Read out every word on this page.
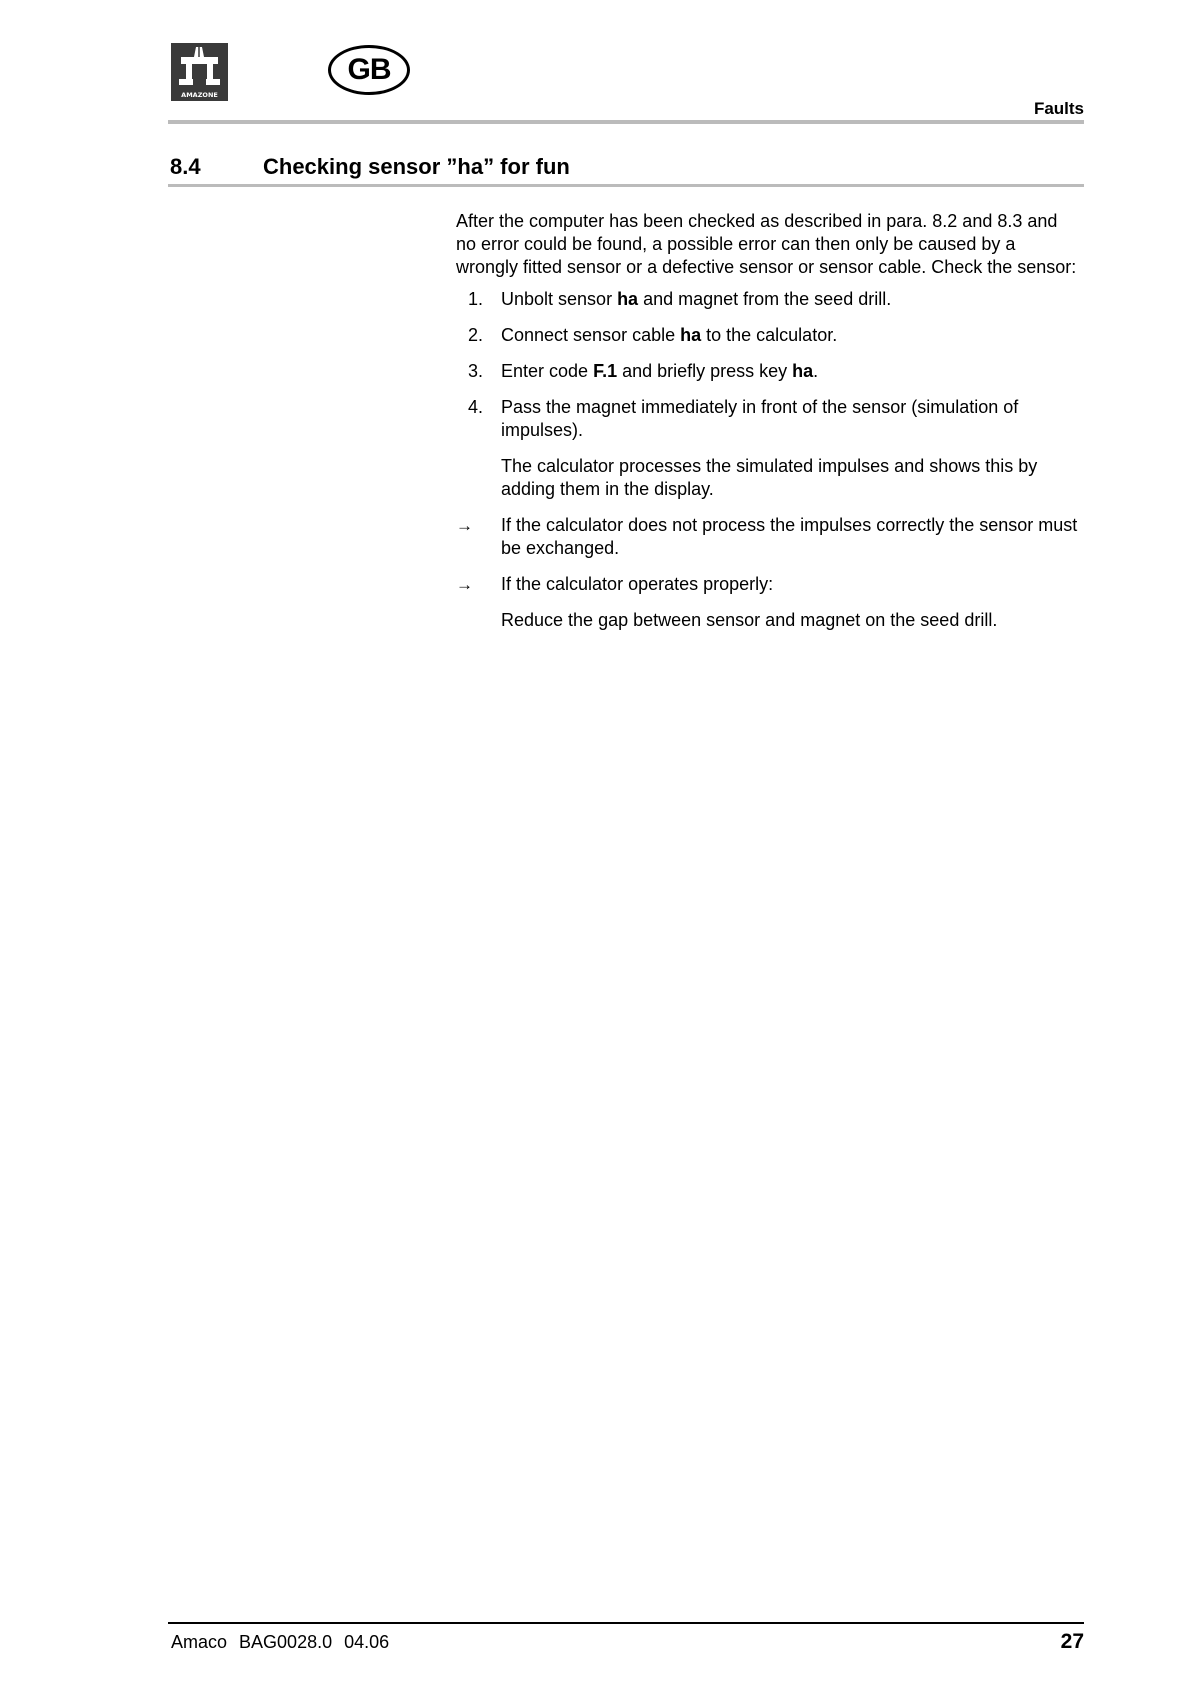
AMAZONE
GB
Faults
8.4	Checking sensor ”ha” for fun

After the computer has been checked as described in para. 8.2 and 8.3 and no error could be found, a possible error can then only be caused by a wrongly fitted sensor or a defective sensor or sensor cable. Check the sensor:

1. Unbolt sensor ha and magnet from the seed drill.
2. Connect sensor cable ha to the calculator.
3. Enter code F.1 and briefly press key ha.
4. Pass the magnet immediately in front of the sensor (simulation of impulses).

The calculator processes the simulated impulses and shows this by adding them in the display.

→	If the calculator does not process the impulses correctly the sensor must be exchanged.
→	If the calculator operates properly:

Reduce the gap between sensor and magnet on the seed drill.

Amaco BAG0028.0 04.06	27
